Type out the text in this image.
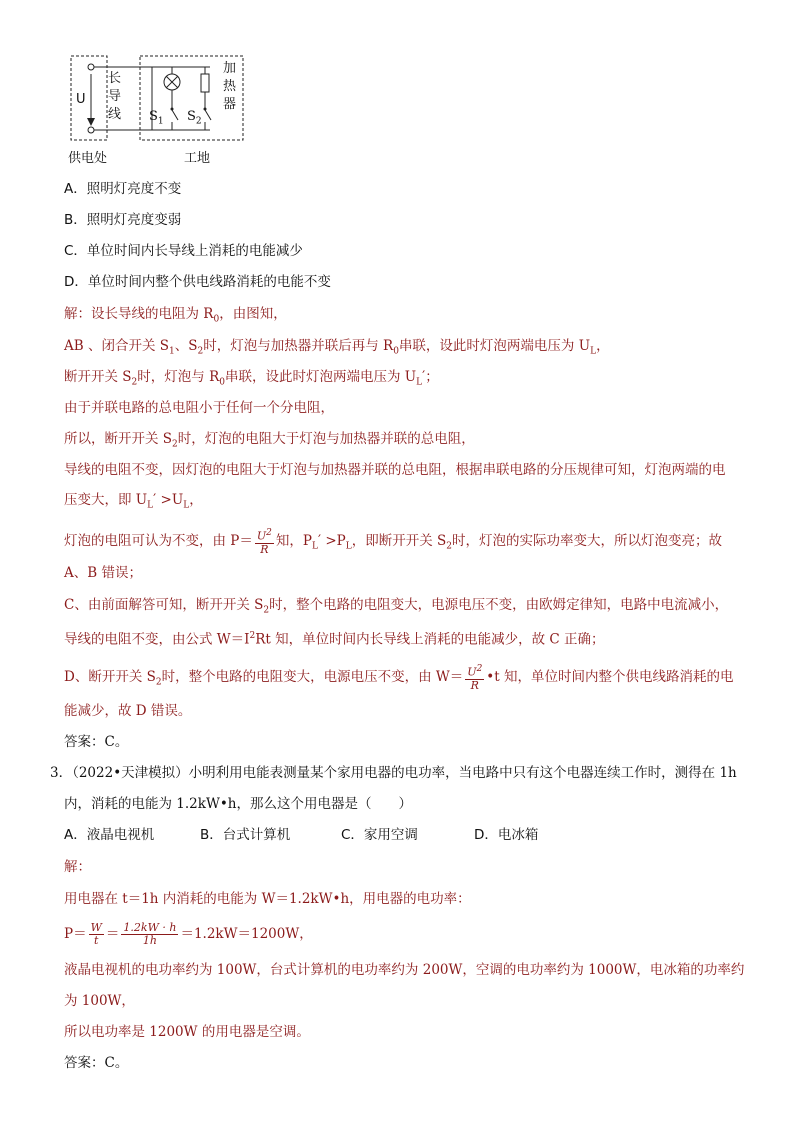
U
长导线
加热器
$S_1$ $S_2$
供电处	工地
A．照明灯亮度不变
B．照明灯亮度变弱
C．单位时间内长导线上消耗的电能减少
D．单位时间内整个供电线路消耗的电能不变
解：设长导线的电阻为 $R_0$，由图知，
AB 、闭合开关 $S_1$、$S_2$时，灯泡与加热器并联后再与 $R_0$串联，设此时灯泡两端电压为 $U_L$，
断开开关 $S_2$时，灯泡与 $R_0$串联，设此时灯泡两端电压为 $U_L'$；
由于并联电路的总电阻小于任何一个分电阻，
所以，断开开关 $S_2$时，灯泡的电阻大于灯泡与加热器并联的总电阻，
导线的电阻不变，因灯泡的电阻大于灯泡与加热器并联的总电阻，根据串联电路的分压规律可知，灯泡两端的电
压变大，即 $U_L' >U_L$，
灯泡的电阻可认为不变，由 $P= \frac{U^2}{R}$ 知，$P_L' >P_L$，即断开开关 $S_2$时，灯泡的实际功率变大，所以灯泡变亮；故
A、B 错误；
C、由前面解答可知，断开开关 $S_2$时，整个电路的电阻变大，电源电压不变，由欧姆定律知，电路中电流减小，
导线的电阻不变，由公式 $W=I^2Rt$ 知，单位时间内长导线上消耗的电能减少，故 C 正确；
D、断开开关 $S_2$时，整个电路的电阻变大，电源电压不变，由 $W= \frac{U^2}{R}$ •t 知，单位时间内整个供电线路消耗的电
能减少，故 D 错误。
答案：C。
3．（2022•天津模拟）小明利用电能表测量某个家用电器的电功率，当电路中只有这个电器连续工作时，测得在 1h
内，消耗的电能为 1.2kW•h，那么这个用电器是（　　）
A．液晶电视机	B．台式计算机	C．家用空调	D．电冰箱
解：
用电器在 t＝1h 内消耗的电能为 W＝1.2kW•h，用电器的电功率：
$P= \frac{W}{t} = \frac{1.2kW \cdot h}{1h} =1.2kW=1200W$，
液晶电视机的电功率约为 100W，台式计算机的电功率约为 200W，空调的电功率约为 1000W，电冰箱的功率约
为 100W，
所以电功率是 1200W 的用电器是空调。
答案：C。
